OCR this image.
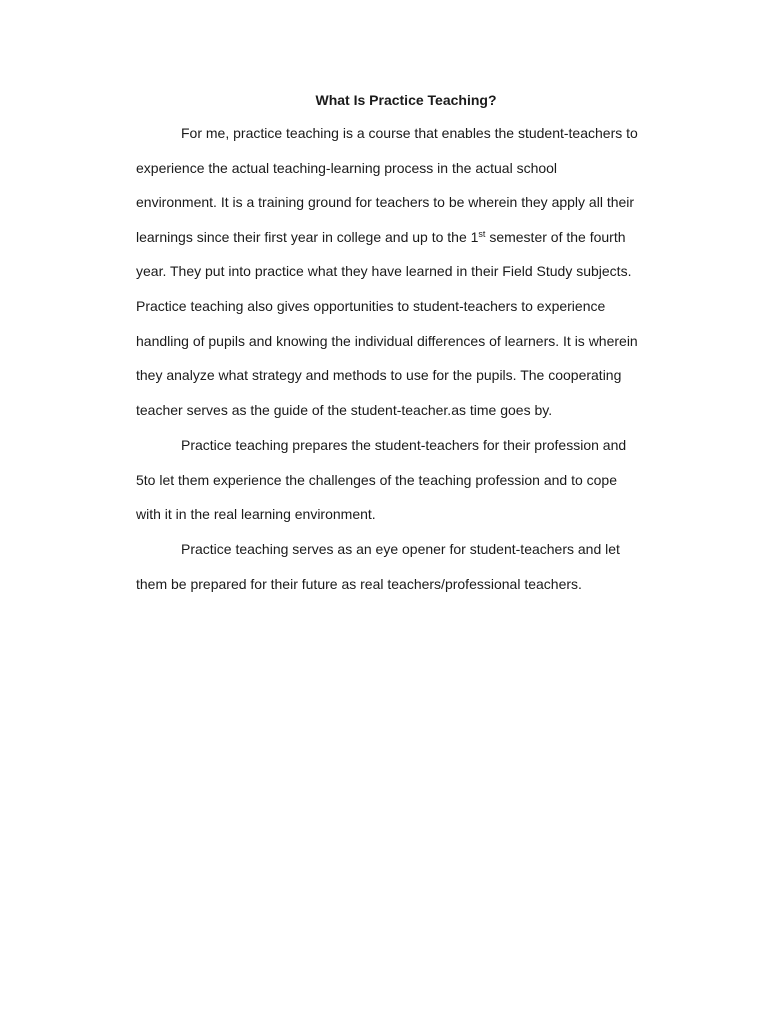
What Is Practice Teaching?
For me, practice teaching is a course that enables the student-teachers to
experience the actual teaching-learning process in the actual school
environment. It is a training ground for teachers to be wherein they apply all their
learnings since their first year in college and up to the 1st semester of the fourth
year. They put into practice what they have learned in their Field Study subjects.
Practice teaching also gives opportunities to student-teachers to experience
handling of pupils and knowing the individual differences of learners. It is wherein
they analyze what strategy and methods to use for the pupils. The cooperating
teacher serves as the guide of the student-teacher.as time goes by.
Practice teaching prepares the student-teachers for their profession and
5to let them experience the challenges of the teaching profession and to cope
with it in the real learning environment.
Practice teaching serves as an eye opener for student-teachers and let
them be prepared for their future as real teachers/professional teachers.
